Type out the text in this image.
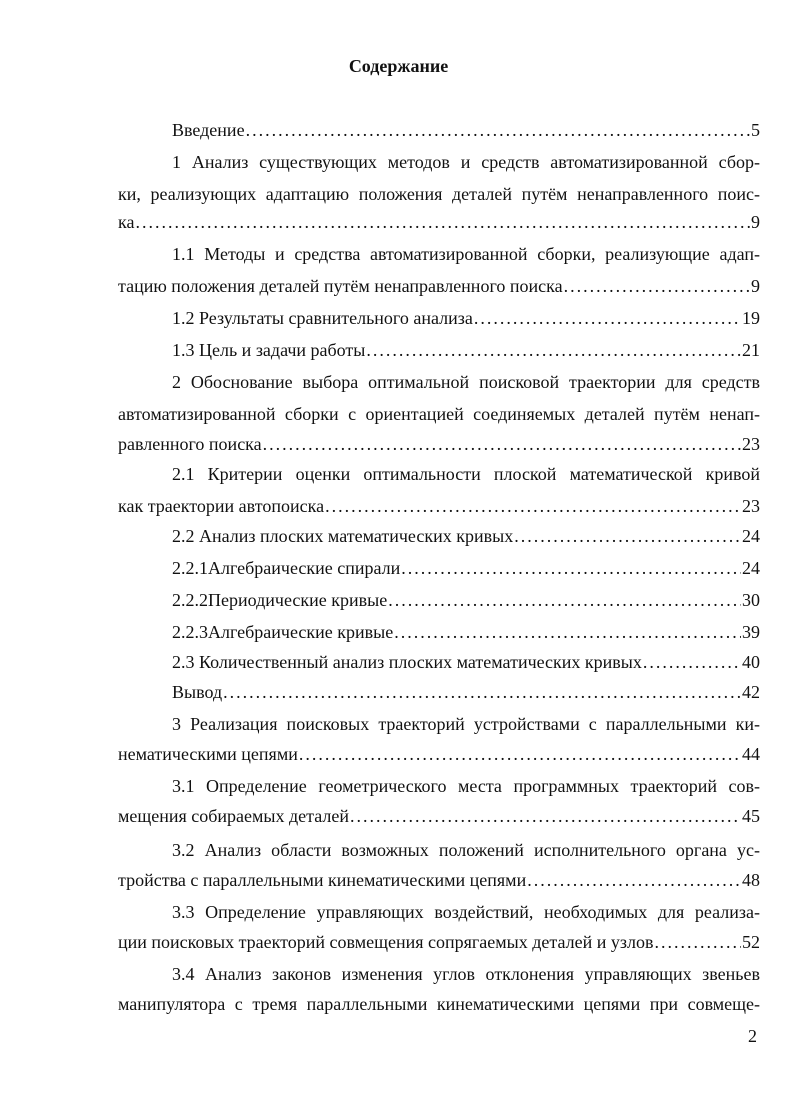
Содержание
Введение .....	5
1 Анализ существующих методов и средств автоматизированной сбор-
ки, реализующих адаптацию положения деталей путём ненаправленного поис-
ка .....	9
1.1 Методы и средства автоматизированной сборки, реализующие адап-
тацию положения деталей путём ненаправленного поиска .....	9
1.2 Результаты сравнительного анализа .....	19
1.3 Цель и задачи работы .....	21
2 Обоснование выбора оптимальной поисковой траектории для средств
автоматизированной сборки с ориентацией соединяемых деталей путём ненап-
равленного поиска .....	23
2.1 Критерии оценки оптимальности плоской математической кривой
как траектории автопоиска .....	23
2.2 Анализ плоских математических кривых .....	24
2.2.1Алгебраические спирали .....	24
2.2.2Периодические кривые .....	30
2.2.3Алгебраические кривые .....	39
2.3 Количественный анализ плоских математических кривых .....	40
Вывод .....	42
3 Реализация поисковых траекторий устройствами с параллельными ки-
нематическими цепями .....	44
3.1 Определение геометрического места программных траекторий сов-
мещения собираемых деталей .....	45
3.2 Анализ области возможных положений исполнительного органа ус-
тройства с параллельными кинематическими цепями .....	48
3.3 Определение управляющих воздействий, необходимых для реализа-
ции поисковых траекторий совмещения сопрягаемых деталей и узлов .....	52
3.4 Анализ законов изменения углов отклонения управляющих звеньев
манипулятора с тремя параллельными кинематическими цепями при совмеще-
2
